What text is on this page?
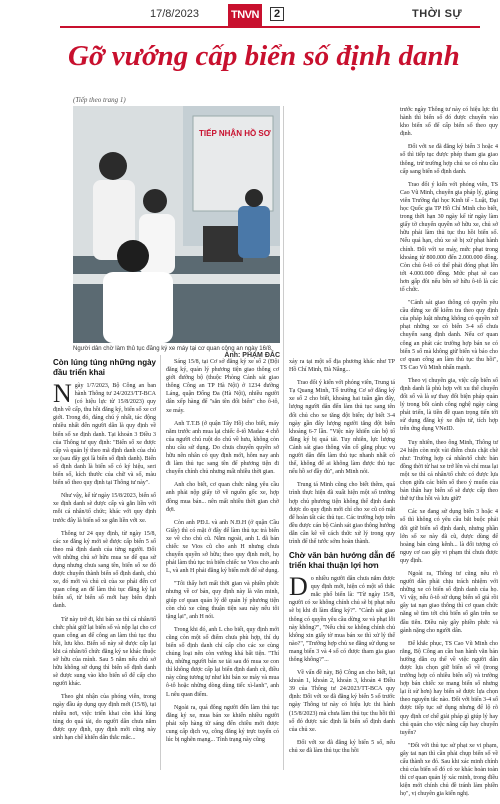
17/8/2023	TNVN	2	THỜI SỰ
Gỡ vướng cấp biển số định danh
(Tiếp theo trang 1)
TIẾP NHẬN HỒ SƠ
Người dân chờ làm thủ tục đăng ký xe máy tại cơ quan công an ngày 16/8.
Ảnh: PHẠM ĐẮC
Còn lúng túng những ngày đầu triển khai

Ngày 1/7/2023, Bộ Công an ban hành Thông tư 24/2023/TT-BCA (có hiệu lực từ 15/8/2023) quy định về cấp, thu hồi đăng ký, biển số xe cơ giới. Trong đó, đáng chú ý nhất, tác động nhiều nhất đến người dân là quy định về biển số xe định danh. Tại khoản 3 Điều 3 của Thông tư quy định: "Biển số xe được cấp và quản lý theo mã định danh của chủ xe (sau đây gọi là biển số định danh). Biển số định danh là biển số có ký hiệu, seri biển số, kích thước của chữ và số, màu biển số theo quy định tại Thông tư này".

Như vậy, kể từ ngày 15/8/2023, biển số xe định danh sẽ được cấp và gắn liền với mỗi cá nhân/tổ chức; khác với quy định trước đây là biển số xe gắn liền với xe.

Thông tư 24 quy định, từ ngày 15/8, các xe đăng ký mới sẽ được cấp biển 5 số theo mã định danh của từng người. Đối với những chủ sở hữu mua xe để qua sử dụng nhưng chưa sang tên, biển số xe đó được chuyển thành biển số định danh, chủ xe, đó mới và chủ cũ của xe phải đến cơ quan công an để làm thủ tục đăng ký lại biển số, từ biển số mới hay biển định danh.

Từ này trở đi, khi bán xe thì cá nhân/tổ chức phải giữ lại biển số và nộp lại cho cơ quan công an để công an làm thủ tục thu hồi, lưu kho. Biển số này sẽ được cấp lại khi cá nhân/tổ chức đăng ký xe khác thuộc sở hữu của mình. Sau 5 năm nếu chủ sở hữu không sử dụng thì biển số định danh sẽ được sung vào kho biển số để cấp cho người khác.

Theo ghi nhận của phóng viên, trong ngày đầu áp dụng quy định mới (15/8), tại nhiều nơi, việc triển khai còn khá lúng túng do quá tải, do người dân chưa nắm được quy định, quy định mới cũng này sinh hạn chế khiến dân thắc mắc...

Sáng 15/8, tại Cơ sở đăng ký xe số 2 (Đội đăng ký, quản lý phương tiện giao thông cơ giới đường bộ (thuộc Phòng Cảnh sát giao thông Công an TP Hà Nội) ở 1234 đường Láng, quận Đống Đa (Hà Nội), nhiều người dân xếp hàng để "săn tên đổi biển" cho ô-tô, xe máy.

Anh T.T.B (ở quận Tây Hồ) cho biết, máy năm trước anh mua lại chiếc ô-tô Madaz 4 chỗ của người chú ruột do chú về hưu, không còn nhu cầu sử dụng. Do chưa chuyển quyền sở hữu nên nhân có quy định mới, hôm nay anh đi làm thủ tục sang tên để phương tiện đi chuyển chính chủ nhưng mất nhiều thời gian.

Anh cho biết, cơ quan chức năng yêu cầu anh phải nộp giấy tờ về nguồn gốc xe, hợp đồng mua bán... nên mất nhiều thời gian chờ đợi.

Còn anh PĐ.L và anh N.Đ.H (ở quận Cầu Giấy) thì có mặt ở đây để làm thủ tục trả biển xe về cho chủ cũ. Nằm ngoài, anh L đã bán chiếc xe Vios cũ cho anh H nhưng chưa chuyển quyền sở hữu; theo quy định mới, họ phải làm thủ tục trả biển chiếc xe Vios cho anh L, và anh H phải đăng ký biển mới để sử dụng.

"Tôi thấy hơi mất thời gian và phiền phức nhưng về cơ bản, quy định này là văn minh, giúp cơ quan quản lý dễ quản lý phương tiện còn chủ xe cũng thuận tiện sau này nếu tôi tặng lại", anh H nói.

Trong khi đó, anh L cho biết, quy định mới cũng còn một số điểm chưa phù hợp, thí dụ biển số định danh chỉ cấp cho các xe cùng chủng loại nên còn vướng khá bất tiện. "Thí dụ, những người bán xe tải sau đó mua xe con thì không được cấp lại biển định danh cũ, điều này cũng tương tự như khi bán xe máy và mua ô-tô hoặc những dòng dùng tiếc xì-lanh", anh L nêu quan điểm.

Ngoài ra, quá đông người đến làm thủ tục đăng ký xe, mua bán xe khiến nhiều người phải xếp hàng từ sáng đến chiều mới được cung cấp dịch vụ, công đăng ký trực tuyến có lúc bị nghẽn mạng... Tình trạng này cũng

xảy ra tại một số địa phương khác như TP Hồ Chí Minh, Đà Nẵng...

Trao đổi ý kiến với phóng viên, Trung tá Tạ Quang Minh, Tổ trưởng Cơ sở đăng ký xe số 2 cho biết, khoảng hai tuần gần đây, lượng người dân đến làm thủ tục sang tên đổi chủ cho xe tăng đột biến; dự biết 3-4 ngày gần đây lượng người tăng đột biến khoảng 6-7 lần. "Việc này khiến cán bộ tổ đăng ký bị quá tải. Tuy nhiên, lực lượng Cảnh sát giao thông vẫn cố gắng phục vụ người dân đến làm thủ tục nhanh nhất có thể, không để ai không làm được thủ tục nếu hồ sơ đầy đủ", anh Minh nói.

Trung tá Minh cũng cho biết thêm, quá trình thực hiện đã xuất hiện một số trường hợp chủ phương tiện không thể định danh được do quy định mới chỉ cho xe cũ có mặt để hoàn tất các thủ tục. Các trường hợp trên đều được cán bộ Cảnh sát giao thông hướng dẫn cần kê về cách thức xử lý trong quy trình để thể tước sớm hoàn thành.

Chờ văn bản hướng dẫn để triển khai thuận lợi hơn

Do nhiều người dân chưa nắm được quy định mới, hiện có một số thắc mắc phổ biến là: "Từ ngày 15/8, người có xe không chính chủ sẽ bị phạt nếu sẽ bị khi đi làm đăng ký?". "Cảnh sát giao thông có quyền yêu cầu dừng xe và phạt lỗi này không?", "Nếu chủ xe không chính chủ không xin giấy tờ mua bán xe thì xử lý thế nào?", "Trường hợp chủ xe đăng sử dụng xe mang biển 3 và 4 số có được tham gia giao thông không?"...

Về vấn đề này, Bộ Công an cho biết, tại khoản 1, khoản 2, khoản 3, khoản 4 Điều 39 của Thông tư 24/2023/TT-BCA quy định: Đối với xe đã đăng ký biển 5 số trước ngày Thông tư này có hiệu lực thi hành (15/8/2023) mà chưa làm thủ tục thu hồi thì số đó được xác định là biển số định danh của chủ xe.

Đối với xe đã đăng ký biển 5 số, nếu chủ xe đã làm thủ tục thu hồi

trước ngày Thông tư này có hiệu lực thi hành thì biển số đó được chuyển vào kho biển số để cấp biển số theo quy định.

Đối với xe đã đăng ký biển 3 hoặc 4 số thì tiếp tục được phép tham gia giao thông, trừ trường hợp chủ xe có nhu cầu cấp sang biển số định danh.

Trao đổi ý kiến với phóng viên, TS Cao Vũ Minh, chuyên gia pháp lý, giảng viên Trường đại học Kinh tế - Luật, Đại học Quốc gia TP Hồ Chí Minh cho biết, trong thời hạn 30 ngày kể từ ngày làm giấy tờ chuyển quyền sở hữu xe, chủ sở hữu phải làm thủ tục thu hồi biển số. Nếu quá hạn, chủ xe sẽ bị xử phạt hành chính. Đối với xe máy, mức phạt trong khoảng từ 800.000 đến 2.000.000 đồng. Còn chủ ô-tô có thể phải đóng phạt lên tới 4.000.000 đồng. Mức phạt sẽ cao hơn gấp đôi nếu bên sở hữu ô-tô là các tổ chức.

"Cảnh sát giao thông có quyền yêu cầu dừng xe để kiểm tra theo quy định của pháp luật nhưng không có quyền xử phạt những xe có biển 3-4 số chưa chuyển sang định danh. Nếu cơ quan công an phát các trường hợp bán xe có biển 5 số mà không giữ biển và báo cho cơ quan công an làm thủ tục thu hồi", TS Cao Vũ Minh nhấn mạnh.

Theo vị chuyên gia, việc cấp biển số định danh là phù hợp với xu thế chuyển đổi số và là sự thay đổi biện pháp quản lý trong bối cảnh công nghệ ngày càng phát triển, là tiền đề quan trọng tiến tới sử dụng đăng ký xe điện tử, tích hợp trên ứng dụng VNeID.

Tuy nhiên, theo ông Minh, Thông tư 24 hiện còn một vài điểm chưa chặt chẽ như: Trường hợp cá nhân/tổ chức bán đồng thời từ hai xe trở lên và chỉ mua lại một xe thì cá nhân/tổ chức có được lựa chọn giữa các biển số theo ý muốn của bản thân hay biển số sẽ được cấp theo thứ tự thu hồi và lưu giữ?

Các xe đang sử dụng biển 3 hoặc 4 số thì không có yêu cầu bắt buộc phải đổi giữ biển số định danh, nhưng phần lớn số xe này đã cũ, được dùng để hoàng bán cùng kênh... là đối tượng có nguy cơ cao gây vi phạm thì chưa được quy định.

Ngoài ra, Thông tư cũng nêu rõ người dân phải chịu trách nhiệm với những xe có biển số định danh của họ. Vì vậy, nếu ô-tô sử dụng biển số giả rồi gây tai nạn giao thông thì cơ quan chức năng sẽ tìm tới chủ biển số gắn trên xe đầu tiên. Điều này gây phiền phức và gánh nặng cho người dân.

Để khắc phục, TS Cao Vũ Minh cho rằng, Bộ Công an cần ban hành văn bản hướng dẫn cụ thể về việc người dân được lựa chọn giữ biển số về (trong trường hợp có nhiều biển số) và trường hợp bán chiếc xe mang biển số nhưng lại ít sử hơn) hay biển sẽ được lựa chọn theo nguyên tắc nào. Đối với biển 3-4 số được tiếp tục sử dụng nhưng để lộ rõ quy định cơ chế giải pháp gì giúp lý hay chủ quản cho việc nâng cấp hay chuyển tuyến?

"Đối với thủ tục sử phạt xe vi phạm, gây tai nạn thì cần phải chụp biển số về cấu thành xe đó. Sau khi xác minh chính chủ của biển số đó có xe khác hoàn toàn thì cơ quan quản lý xác minh, trong điều kiện mới chính chủ đề tránh làm phiền họ", vị chuyên gia kiến nghị.
